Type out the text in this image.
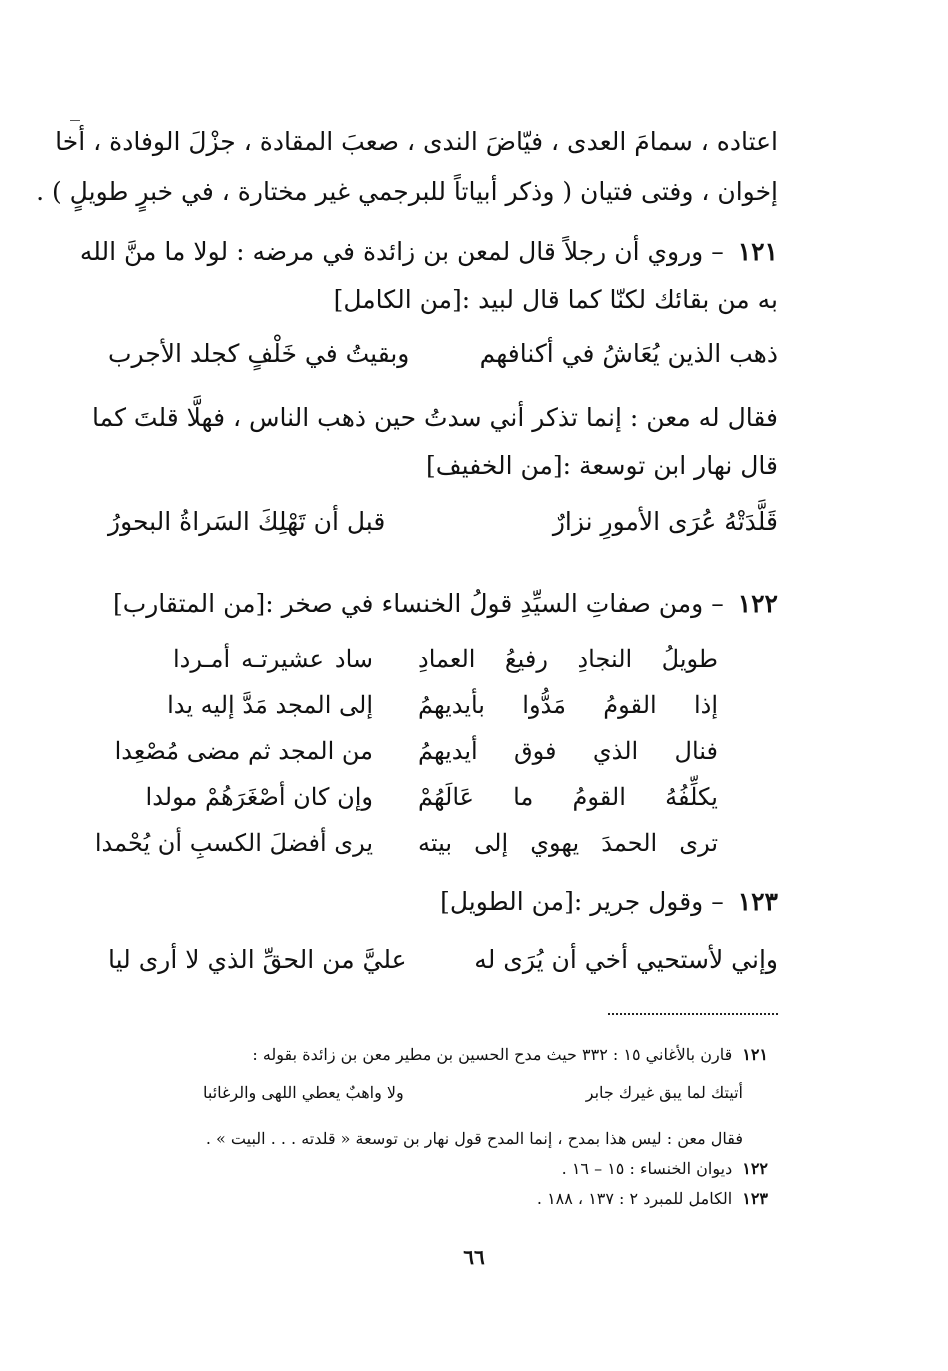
اعتاده ، سمامَ العدى ، فيّاضَ الندى ، صعبَ المقادة ، جزْلَ الوفادة ، أخا
إخوان ، وفتى فتيان ( وذكر أبياتاً للبرجمي غير مختارة ، في خبرٍ طويلٍ ) .
١٢١– وروي أن رجلاً قال لمعن بن زائدة في مرضه : لولا ما منَّ الله
به من بقائك لكنّا كما قال لبيد :[من الكامل]
ذهب الذين يُعَاشُ في أكنافهم
وبقيتُ في خَلْفٍ كجلد الأجرب
فقال له معن : إنما تذكر أني سدتُ حين ذهب الناس ، فهلَّا قلتَ كما
قال نهار ابن توسعة :[من الخفيف]
قَلَّدَتْهُ عُرَى الأمورِ نزارٌ
قبل أن تَهْلِكَ السَراةُ البحورُ
١٢٢– ومن صفاتِ السيِّدِ قولُ الخنساء في صخر :[من المتقارب]
طويلُ النجادِ رفيعُ العمادِ
ساد عشيرتـه أمـردا
إذا القومُ مَدُّوا بأيديهمُ
إلى المجد مَدَّ إليه يدا
فنال الذي فوق أيديهمُ
من المجد ثم مضى مُصْعِدا
يكلِّفُهُ القومُ ما عَالَهُمْ
وإن كان أصْغَرَهُمْ مولدا
ترى الحمدَ يهوي إلى بيته
يرى أفضلَ الكسبِ أن يُحْمدا
١٢٣– وقول جرير :[من الطويل]
وإني لأستحيي أخي أن يُرَى له
عليَّ من الحقِّ الذي لا أرى ليا
١٢١قارن بالأغاني ١٥ : ٣٣٢ حيث مدح الحسين بن مطير معن بن زائدة بقوله :
أتيتك لما يبق غيرك جابر
ولا واهبٌ يعطي اللهى والرغائبا
فقال معن : ليس هذا بمدح ، إنما المدح قول نهار بن توسعة « قلدته . . . البيت » .
١٢٢ديوان الخنساء : ١٥ – ١٦ .
١٢٣الكامل للمبرد ٢ : ١٣٧ ، ١٨٨ .
٦٦
